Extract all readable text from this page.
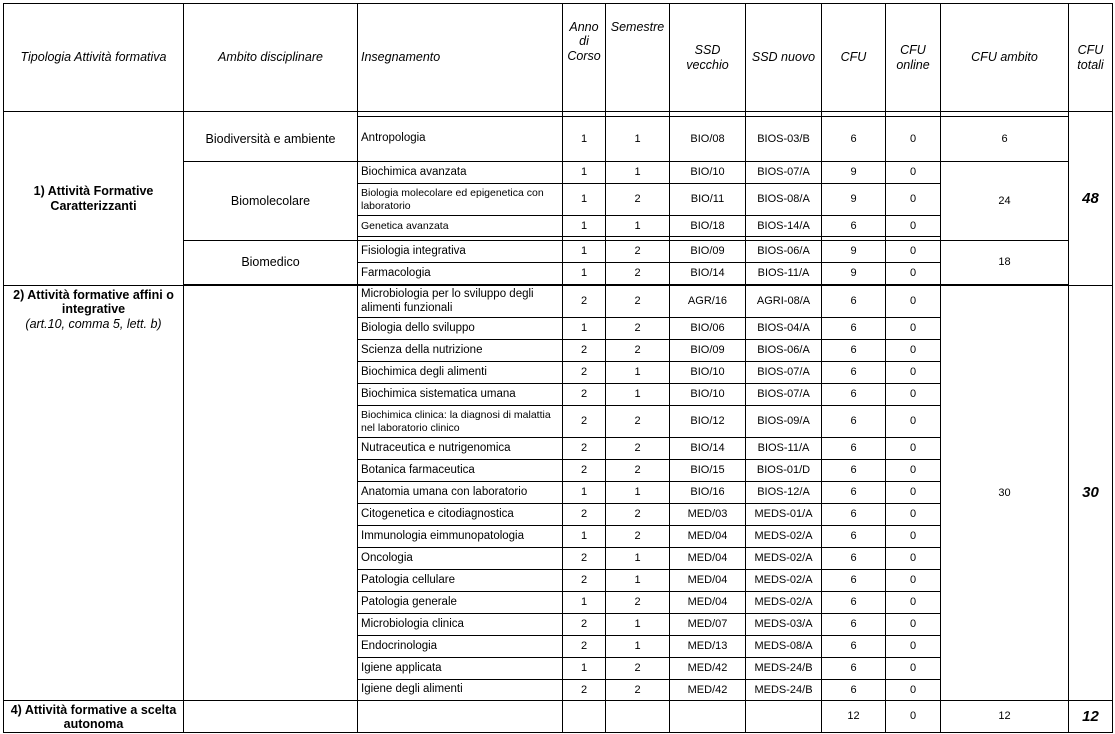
Tipologia Attività formativa	Ambito disciplinare	Insegnamento	Anno di Corso	Semestre	SSD vecchio	SSD nuovo	CFU	CFU online	CFU ambito	CFU totali
1) Attività Formative Caratterizzanti										48
	Biodiversità e ambiente	Antropologia	1	1	BIO/08	BIOS-03/B	6	0	6	
	Biomolecolare	Biochimica avanzata	1	1	BIO/10	BIOS-07/A	9	0	24	
		Biologia molecolare ed epigenetica con laboratorio	1	2	BIO/11	BIOS-08/A	9	0		
		Genetica avanzata	1	1	BIO/18	BIOS-14/A	6	0		

	Biomedico	Fisiologia integrativa	1	2	BIO/09	BIOS-06/A	9	0	18	
		Farmacologia	1	2	BIO/14	BIOS-11/A	9	0		

2) Attività formative affini o integrative
(art.10, comma 5, lett. b)		Microbiologia per lo sviluppo degli alimenti funzionali	2	2	AGR/16	AGRI-08/A	6	0	30	30
		Biologia dello sviluppo	1	2	BIO/06	BIOS-04/A	6	0		
		Scienza della nutrizione	2	2	BIO/09	BIOS-06/A	6	0		
		Biochimica degli alimenti	2	1	BIO/10	BIOS-07/A	6	0		
		Biochimica sistematica umana	2	1	BIO/10	BIOS-07/A	6	0		
		Biochimica clinica: la diagnosi di malattia nel laboratorio clinico	2	2	BIO/12	BIOS-09/A	6	0		
		Nutraceutica e nutrigenomica	2	2	BIO/14	BIOS-11/A	6	0		
		Botanica farmaceutica	2	2	BIO/15	BIOS-01/D	6	0		
		Anatomia umana con laboratorio	1	1	BIO/16	BIOS-12/A	6	0		
		Citogenetica e citodiagnostica	2	2	MED/03	MEDS-01/A	6	0		
		Immunologia eimmunopatologia	1	2	MED/04	MEDS-02/A	6	0		
		Oncologia	2	1	MED/04	MEDS-02/A	6	0		
		Patologia cellulare	2	1	MED/04	MEDS-02/A	6	0		
		Patologia generale	1	2	MED/04	MEDS-02/A	6	0		
		Microbiologia clinica	2	1	MED/07	MEDS-03/A	6	0		
		Endocrinologia	2	1	MED/13	MEDS-08/A	6	0		
		Igiene applicata	1	2	MED/42	MEDS-24/B	6	0		
		Igiene degli alimenti	2	2	MED/42	MEDS-24/B	6	0		
4) Attività formative a scelta autonoma							12	0	12	12
